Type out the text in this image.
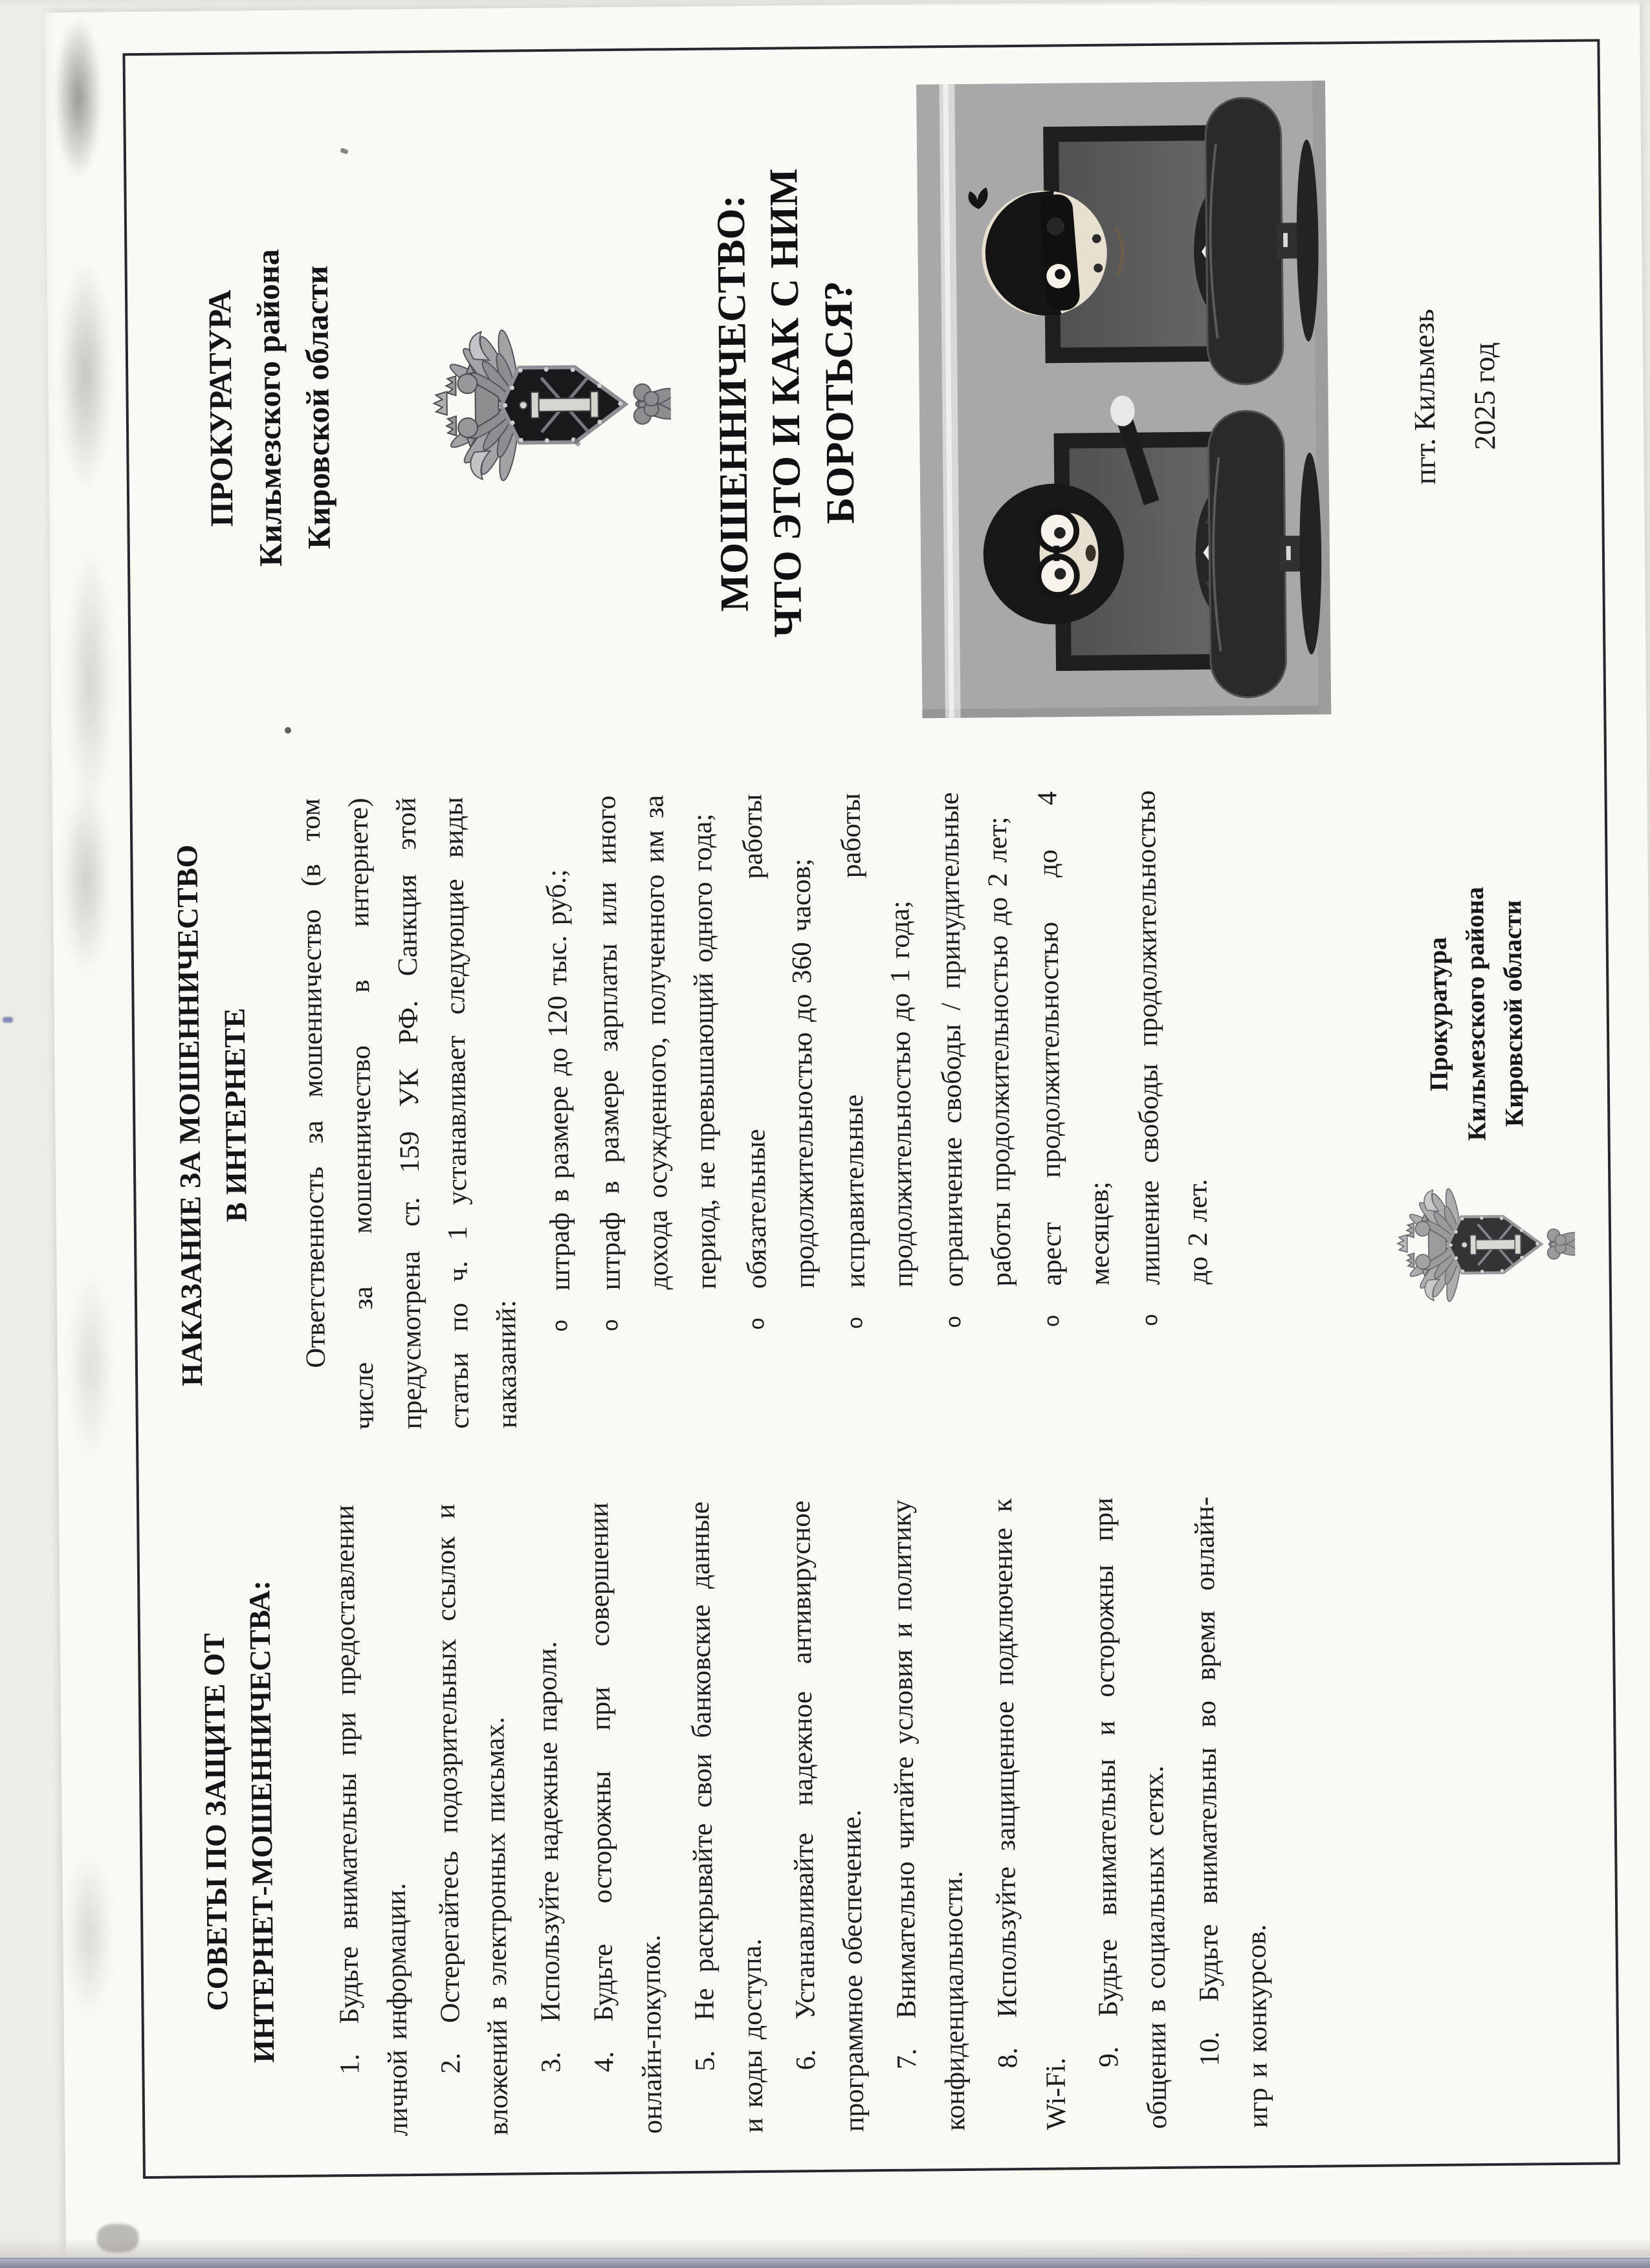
СОВЕТЫ ПО ЗАЩИТЕ ОТ ИНТЕРНЕТ-МОШЕННИЧЕСТВА:

1.Будьте внимательны при предоставлении личной информации. 2.Остерегайтесь подозрительных ссылок и вложений в электронных письмах. 3.Используйте надежные пароли.

4.Будьте осторожны при совершении онлайн-покупок. 5.Не раскрывайте свои банковские данные и коды доступа. 6.Устанавливайте надежное антивирусное программное обеспечение. 7.Внимательно читайте условия и политику конфиденциальности. 8.Используйте защищенное подключение к Wi-Fi.

9.Будьте внимательны и осторожны при общении в социальных сетях. 10.Будьте внимательны во время онлайн-игр и конкурсов.

НАКАЗАНИЕ ЗА МОШЕННИЧЕСТВО В ИНТЕРНЕТЕ	Ответственность за мошенничество (в том числе за мошенничество в интернете) предусмотрена ст. 159 УК РФ. Санкция этой статьи по ч. 1 устанавливает следующие виды наказаний:	oштраф в размере до 120 тыс. руб.;

oштраф в размере зарплаты или иного дохода осужденного, полученного им за период, не превышающий одного года;

oобязательные работы продолжительностью до 360 часов;

oисправительные работы продолжительностью до 1 года;

oограничение свободы / принудительные работы продолжительностью до 2 лет;

oарест продолжительностью до 4 месяцев;

oлишение свободы продолжительностью до 2 лет.

Прокуратура Кильмезского района Кировской области
ПРОКУРАТУРА Кильмезского района Кировской области	МОШЕННИЧЕСТВО: ЧТО ЭТО И КАК С НИМ БОРОТЬСЯ?	пгт. Кильмезь 2025 год
